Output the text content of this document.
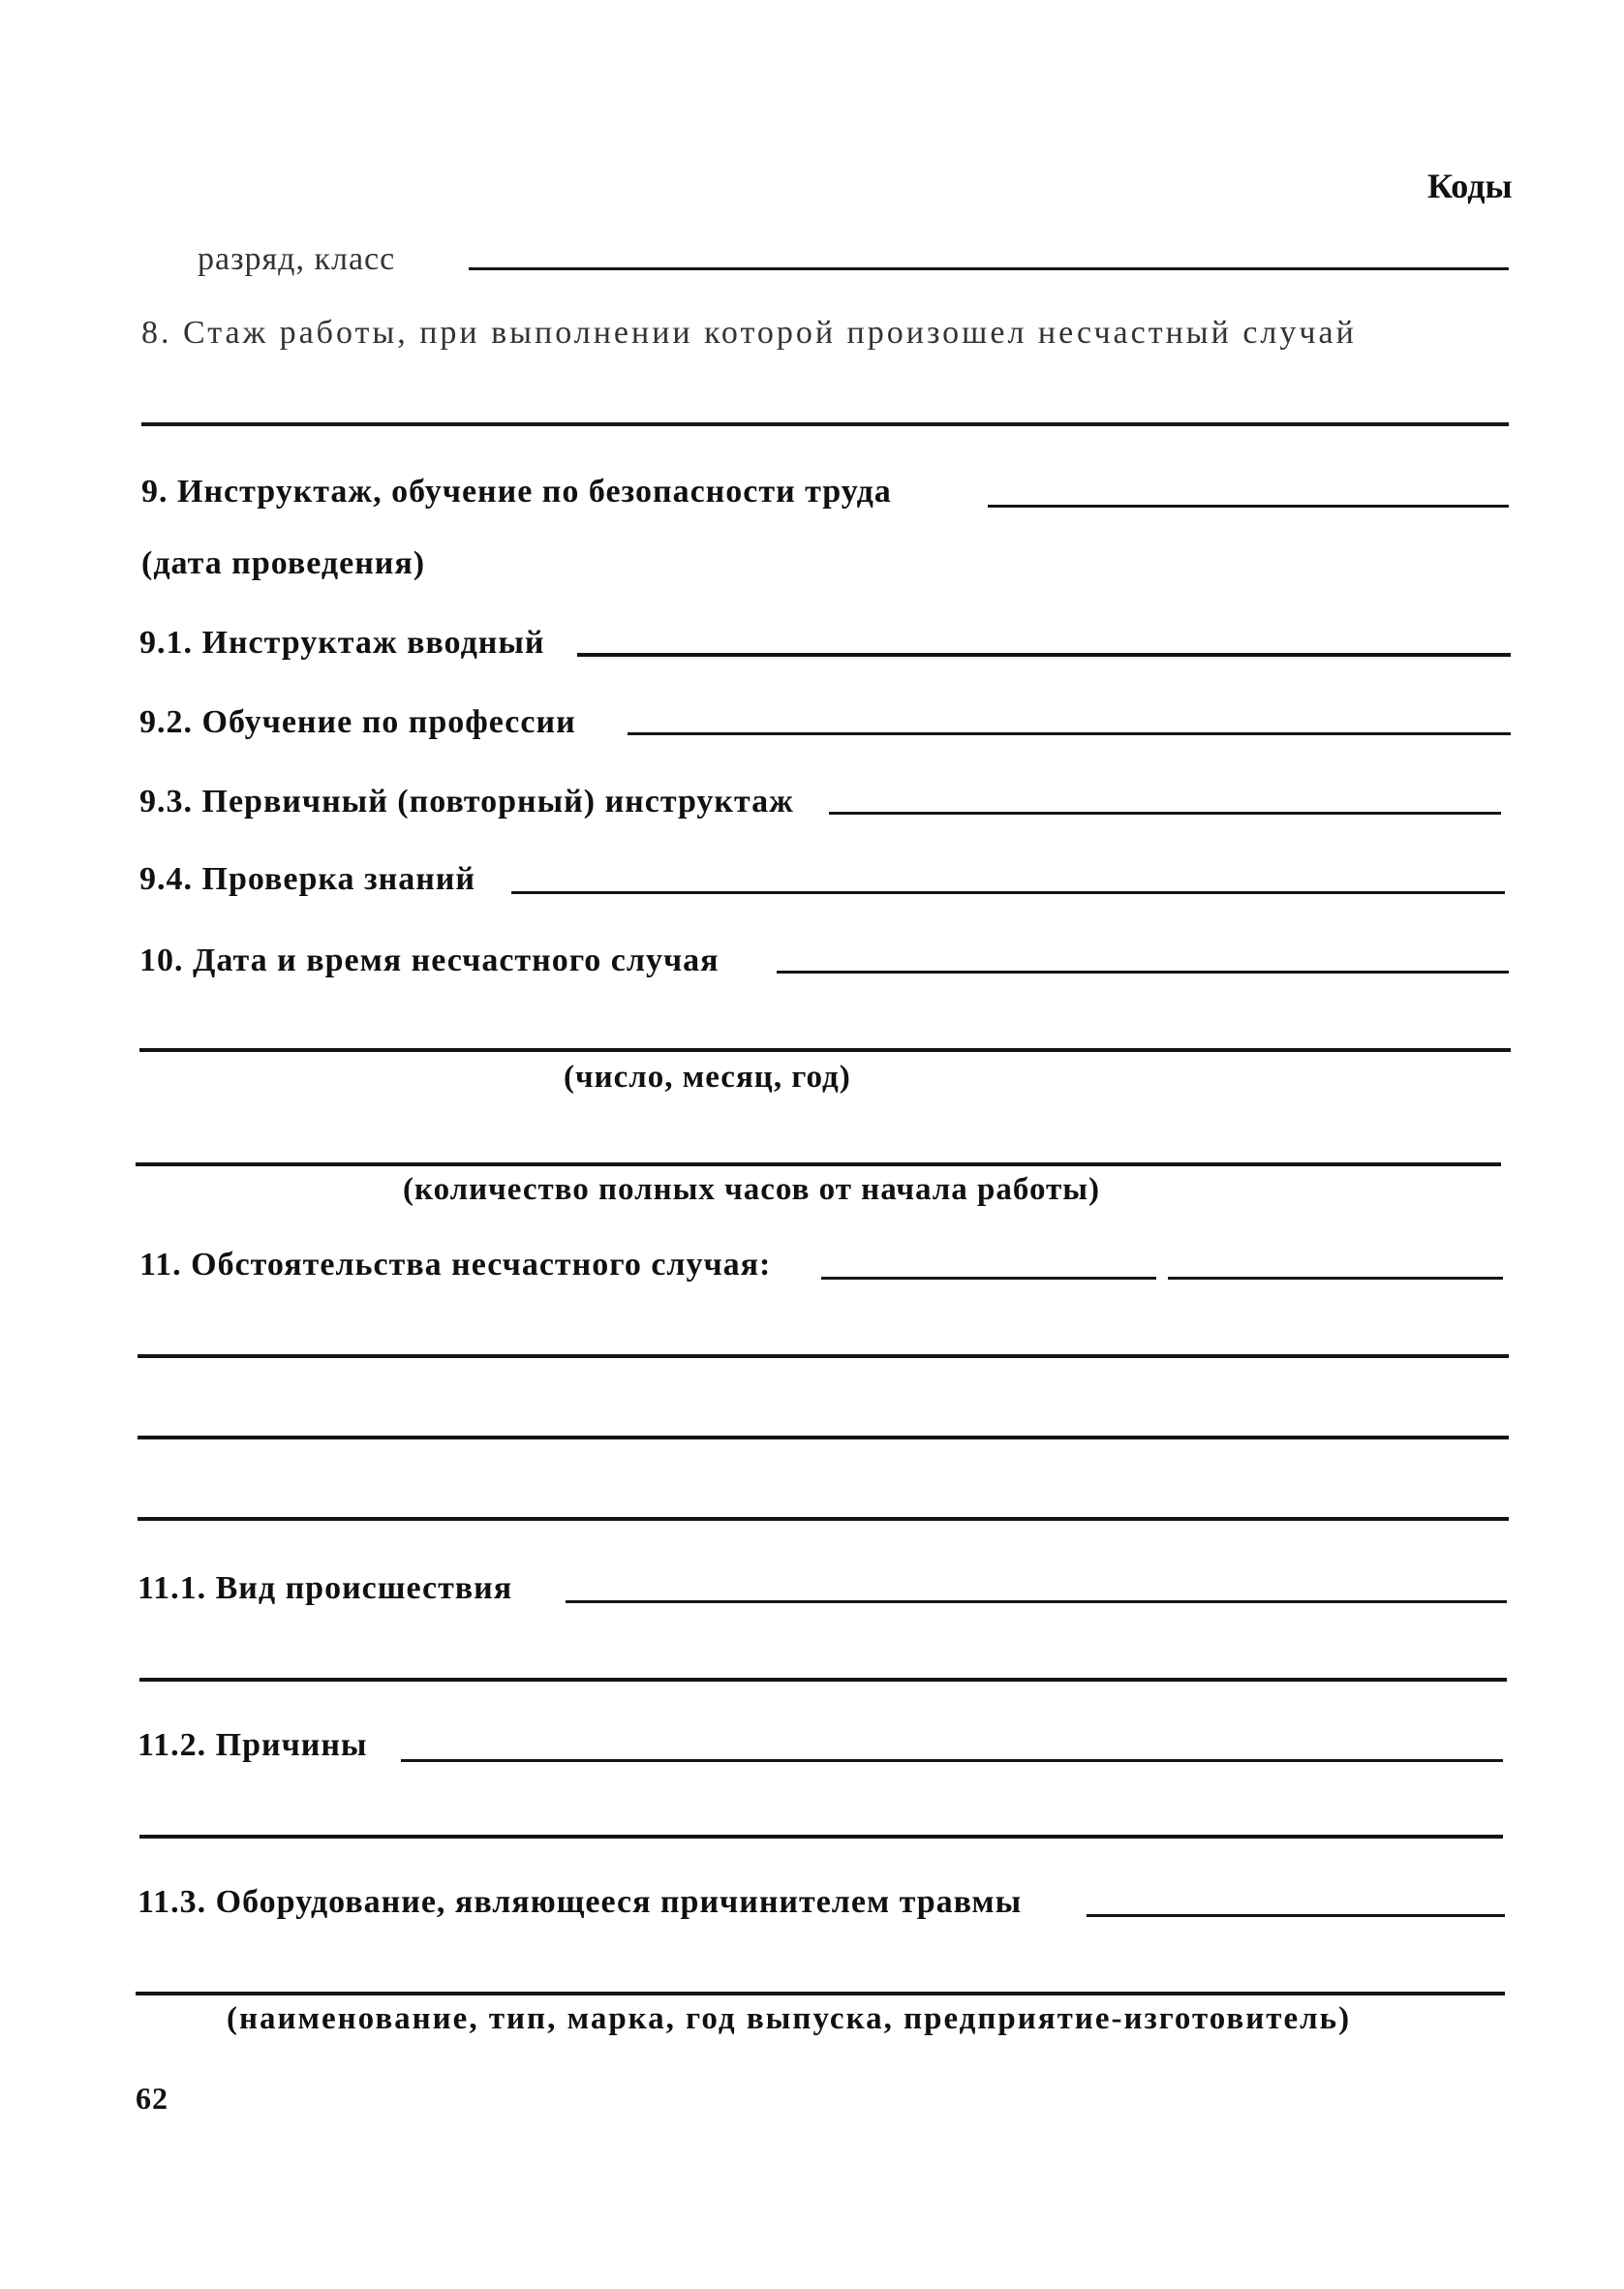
Коды
разряд, класс
8. Стаж работы, при выполнении которой произошел несчастный случай
9. Инструктаж, обучение по безопасности труда
(дата проведения)
9.1. Инструктаж вводный
9.2. Обучение по профессии
9.3. Первичный (повторный) инструктаж
9.4. Проверка знаний
10. Дата и время несчастного случая
(число, месяц, год)
(количество полных часов от начала работы)
11. Обстоятельства несчастного случая:
11.1. Вид происшествия
11.2. Причины
11.3. Оборудование, являющееся причинителем травмы
(наименование, тип, марка, год выпуска, предприятие-изготовитель)
62
